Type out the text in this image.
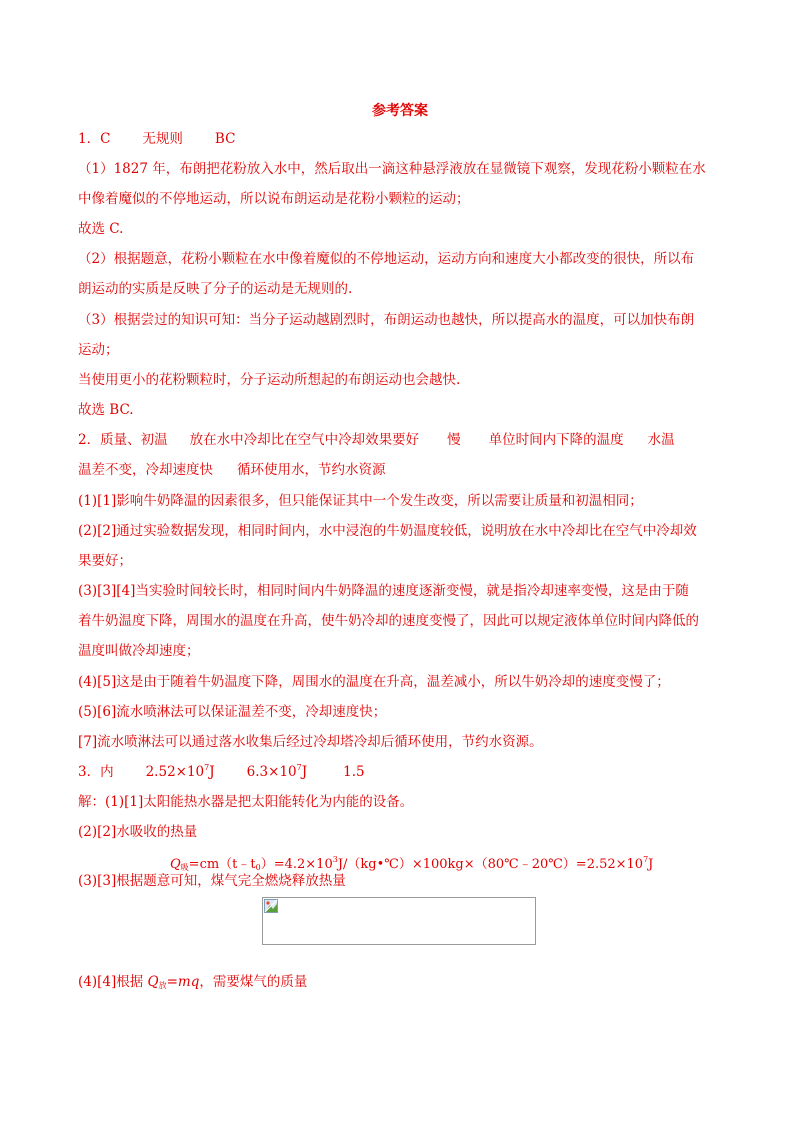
参考答案
1．C 无规则 BC
（1）1827 年，布朗把花粉放入水中，然后取出一滴这种悬浮液放在显微镜下观察，发现花粉小颗粒在水
中像着魔似的不停地运动，所以说布朗运动是花粉小颗粒的运动；
故选 C.
（2）根据题意，花粉小颗粒在水中像着魔似的不停地运动，运动方向和速度大小都改变的很快，所以布
朗运动的实质是反映了分子的运动是无规则的.
（3）根据尝过的知识可知：当分子运动越剧烈时，布朗运动也越快，所以提高水的温度，可以加快布朗
运动；
当使用更小的花粉颗粒时，分子运动所想起的布朗运动也会越快.
故选 BC.
2．质量、初温 放在水中冷却比在空气中冷却效果要好 慢 单位时间内下降的温度 水温
温差不变，冷却速度快 循环使用水，节约水资源
(1)[1]影响牛奶降温的因素很多，但只能保证其中一个发生改变，所以需要让质量和初温相同；
(2)[2]通过实验数据发现，相同时间内，水中浸泡的牛奶温度较低，说明放在水中冷却比在空气中冷却效
果要好；
(3)[3][4]当实验时间较长时，相同时间内牛奶降温的速度逐渐变慢，就是指冷却速率变慢，这是由于随
着牛奶温度下降，周围水的温度在升高，使牛奶冷却的速度变慢了，因此可以规定液体单位时间内降低的
温度叫做冷却速度；
(4)[5]这是由于随着牛奶温度下降，周围水的温度在升高，温差减小，所以牛奶冷却的速度变慢了；
(5)[6]流水喷淋法可以保证温差不变，冷却速度快；
[7]流水喷淋法可以通过落水收集后经过冷却塔冷却后循环使用，节约水资源。
3．内 $2.52\times 10^7J$ $6.3\times 10^7J$	1.5
解：(1)[1]太阳能热水器是把太阳能转化为内能的设备。
(2)[2]水吸收的热量
$Q_吸=cm(t﹣t_0)=4.2\times 10^3J/(kg•℃)\times 100kg\times(80℃﹣20℃)=2.52\times 10^7J$
(3)[3]根据题意可知，煤气完全燃烧释放热量
(4)[4]根据 $Q_放=mq$，需要煤气的质量
